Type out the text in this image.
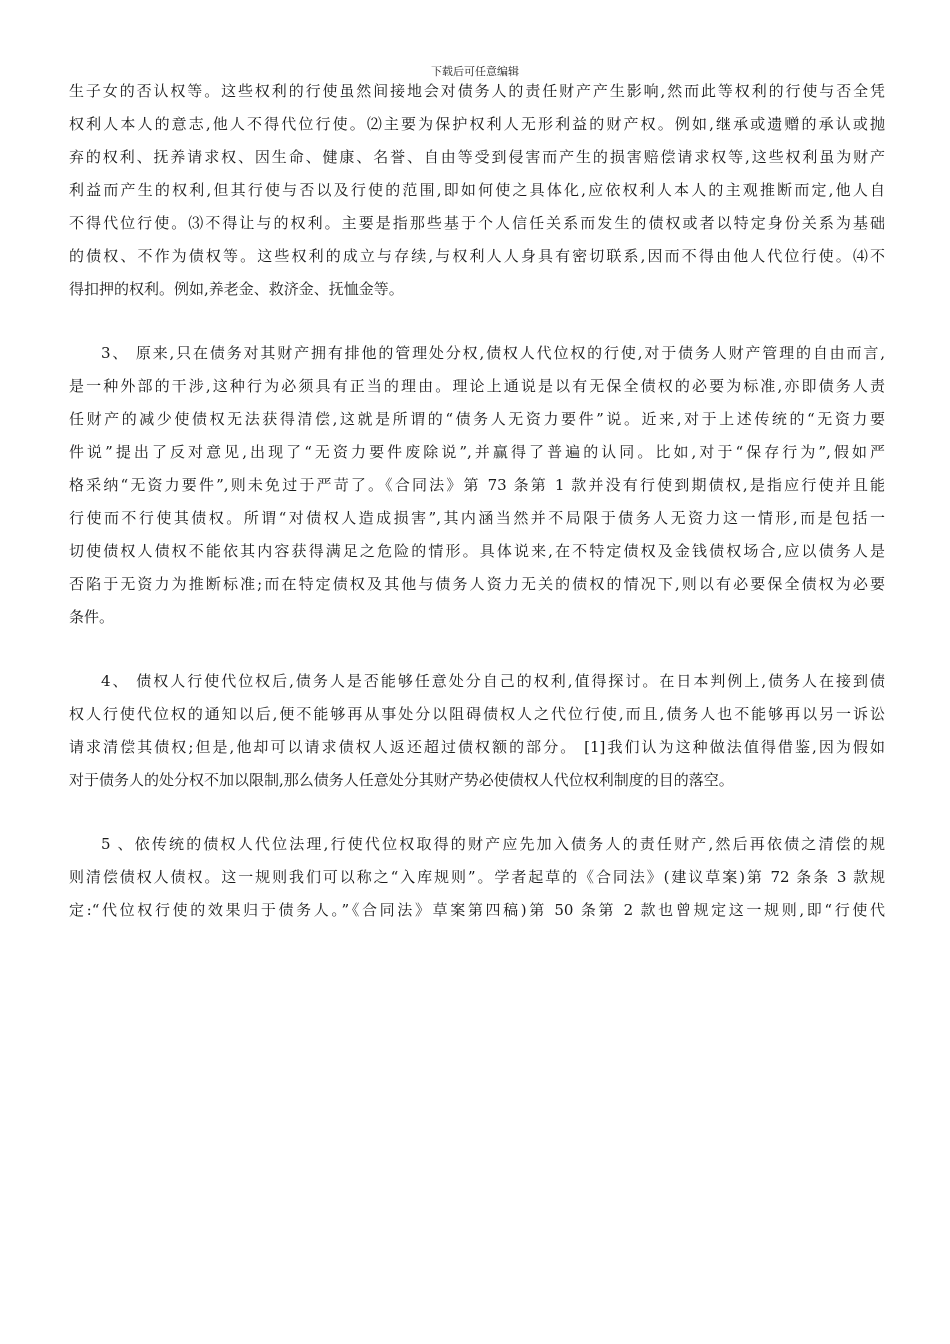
下载后可任意编辑
生子女的否认权等。这些权利的行使虽然间接地会对债务人的责任财产产生影响,然而此等权利的行使与否全凭
权利人本人的意志,他人不得代位行使。⑵主要为保护权利人无形利益的财产权。例如,继承或遗赠的承认或抛
弃的权利、抚养请求权、因生命、健康、名誉、自由等受到侵害而产生的损害赔偿请求权等,这些权利虽为财产
利益而产生的权利,但其行使与否以及行使的范围,即如何使之具体化,应依权利人本人的主观推断而定,他人自
不得代位行使。⑶不得让与的权利。主要是指那些基于个人信任关系而发生的债权或者以特定身份关系为基础
的债权、不作为债权等。这些权利的成立与存续,与权利人人身具有密切联系,因而不得由他人代位行使。⑷不
得扣押的权利。例如,养老金、救济金、抚恤金等。
3、 原来,只在债务对其财产拥有排他的管理处分权,债权人代位权的行使,对于债务人财产管理的自由而言,
是一种外部的干涉,这种行为必须具有正当的理由。理论上通说是以有无保全债权的必要为标准,亦即债务人责
任财产的减少使债权无法获得清偿,这就是所谓的“债务人无资力要件”说。近来,对于上述传统的“无资力要
件说”提出了反对意见,出现了“无资力要件废除说”,并赢得了普遍的认同。比如,对于“保存行为”,假如严
格采纳“无资力要件”,则未免过于严苛了。《合同法》第 73 条第 1 款并没有行使到期债权,是指应行使并且能
行使而不行使其债权。所谓“对债权人造成损害”,其内涵当然并不局限于债务人无资力这一情形,而是包括一
切使债权人债权不能依其内容获得满足之危险的情形。具体说来,在不特定债权及金钱债权场合,应以债务人是
否陷于无资力为推断标准;而在特定债权及其他与债务人资力无关的债权的情况下,则以有必要保全债权为必要
条件。
4、 债权人行使代位权后,债务人是否能够任意处分自己的权利,值得探讨。在日本判例上,债务人在接到债
权人行使代位权的通知以后,便不能够再从事处分以阻碍债权人之代位行使,而且,债务人也不能够再以另一诉讼
请求清偿其债权;但是,他却可以请求债权人返还超过债权额的部分。 [1]我们认为这种做法值得借鉴,因为假如
对于债务人的处分权不加以限制,那么债务人任意处分其财产势必使债权人代位权利制度的目的落空。
5 、依传统的债权人代位法理,行使代位权取得的财产应先加入债务人的责任财产,然后再依债之清偿的规
则清偿债权人债权。这一规则我们可以称之“入库规则”。学者起草的《合同法》(建议草案)第 72 条条 3 款规
定:“代位权行使的效果归于债务人。”《合同法》草案第四稿)第 50 条第 2 款也曾规定这一规则,即“行使代
